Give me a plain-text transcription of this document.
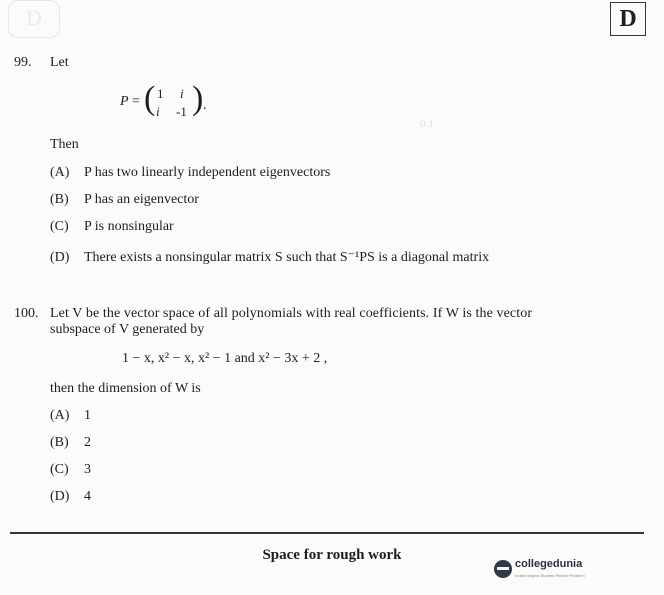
0.1
D	D
99. Let
P = ( 1 i
i -1 ) .
Then
(A) P has two linearly independent eigenvectors
(B) P has an eigenvector
(C) P is nonsingular
(D) There exists a nonsingular matrix S such that S⁻¹PS is a diagonal matrix
100. Let V be the vector space of all polynomials with real coefficients. If W is the vector
subspace of V generated by
1 − x, x² − x, x² − 1 and x² − 3x + 2 ,
then the dimension of W is
(A) 1
(B) 2
(C) 3
(D) 4
Space for rough work
collegedunia
India's largest Student Review Platform
